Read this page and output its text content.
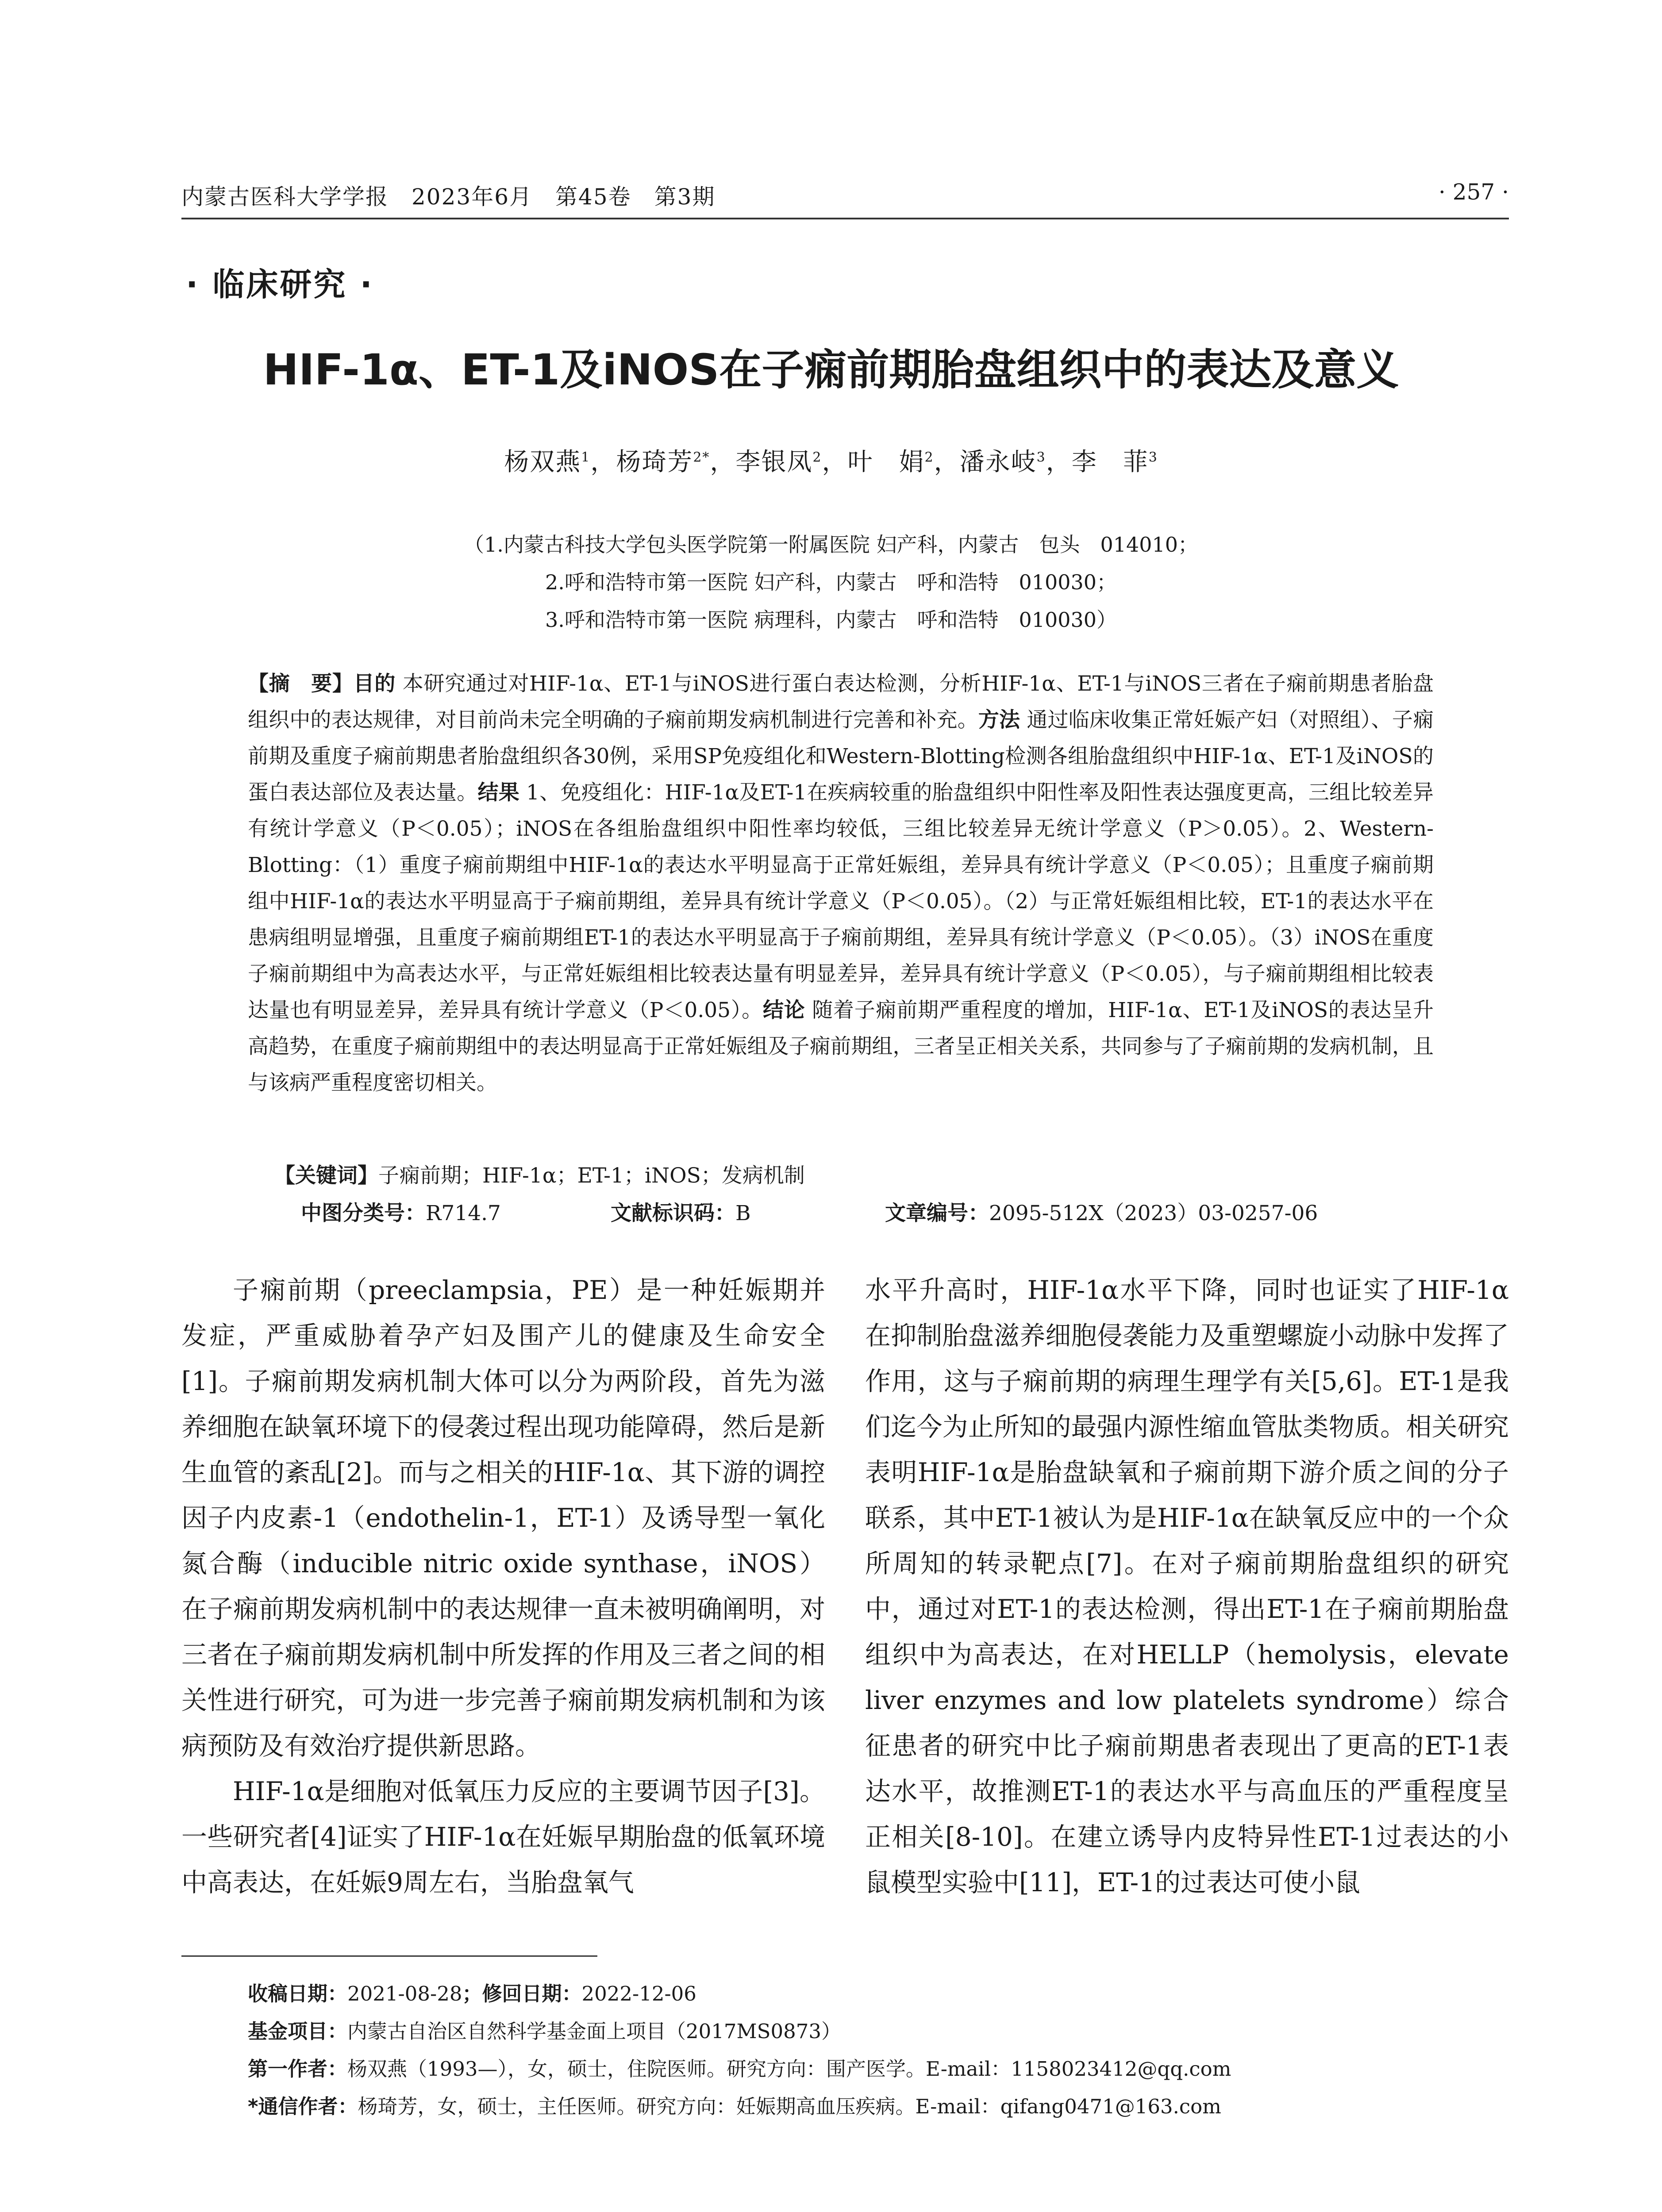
内蒙古医科大学学报　2023年6月　第45卷　第3期	· 257 ·
· 临床研究 ·
HIF-1α、ET-1及iNOS在子痫前期胎盘组织中的表达及意义
杨双燕$^1$，杨琦芳$^{2*}$，李银凤$^2$，叶　娟$^2$，潘永岐$^3$，李　菲$^3$
（1.内蒙古科技大学包头医学院第一附属医院 妇产科，内蒙古　包头　014010；
2.呼和浩特市第一医院 妇产科，内蒙古　呼和浩特　010030；
3.呼和浩特市第一医院 病理科，内蒙古　呼和浩特　010030）
【摘　要】目的 本研究通过对HIF-1α、ET-1与iNOS进行蛋白表达检测，分析HIF-1α、ET-1与iNOS三者在子痫前期患者胎盘组织中的表达规律，对目前尚未完全明确的子痫前期发病机制进行完善和补充。方法 通过临床收集正常妊娠产妇（对照组）、子痫前期及重度子痫前期患者胎盘组织各30例，采用SP免疫组化和Western-Blotting检测各组胎盘组织中HIF-1α、ET-1及iNOS的蛋白表达部位及表达量。结果 1、免疫组化：HIF-1α及ET-1在疾病较重的胎盘组织中阳性率及阳性表达强度更高，三组比较差异有统计学意义（P＜0.05）；iNOS在各组胎盘组织中阳性率均较低，三组比较差异无统计学意义（P＞0.05）。2、Western-Blotting：（1）重度子痫前期组中HIF-1α的表达水平明显高于正常妊娠组，差异具有统计学意义（P＜0.05）；且重度子痫前期组中HIF-1α的表达水平明显高于子痫前期组，差异具有统计学意义（P＜0.05）。（2）与正常妊娠组相比较，ET-1的表达水平在患病组明显增强，且重度子痫前期组ET-1的表达水平明显高于子痫前期组，差异具有统计学意义（P＜0.05）。（3）iNOS在重度子痫前期组中为高表达水平，与正常妊娠组相比较表达量有明显差异，差异具有统计学意义（P＜0.05），与子痫前期组相比较表达量也有明显差异，差异具有统计学意义（P＜0.05）。结论 随着子痫前期严重程度的增加，HIF-1α、ET-1及iNOS的表达呈升高趋势，在重度子痫前期组中的表达明显高于正常妊娠组及子痫前期组，三者呈正相关关系，共同参与了子痫前期的发病机制，且与该病严重程度密切相关。
【关键词】子痫前期；HIF-1α；ET-1；iNOS；发病机制
中图分类号：R714.7	文献标识码：B	文章编号：2095-512X（2023）03-0257-06

子痫前期（preeclampsia，PE）是一种妊娠期并发症，严重威胁着孕产妇及围产儿的健康及生命安全[1]。子痫前期发病机制大体可以分为两阶段，首先为滋养细胞在缺氧环境下的侵袭过程出现功能障碍，然后是新生血管的紊乱[2]。而与之相关的HIF-1α、其下游的调控因子内皮素-1（endothelin-1，ET-1）及诱导型一氧化氮合酶（inducible nitric oxide synthase，iNOS）在子痫前期发病机制中的表达规律一直未被明确阐明，对三者在子痫前期发病机制中所发挥的作用及三者之间的相关性进行研究，可为进一步完善子痫前期发病机制和为该病预防及有效治疗提供新思路。

HIF-1α是细胞对低氧压力反应的主要调节因子[3]。一些研究者[4]证实了HIF-1α在妊娠早期胎盘的低氧环境中高表达，在妊娠9周左右，当胎盘氧气

水平升高时，HIF-1α水平下降，同时也证实了HIF-1α在抑制胎盘滋养细胞侵袭能力及重塑螺旋小动脉中发挥了作用，这与子痫前期的病理生理学有关[5,6]。ET-1是我们迄今为止所知的最强内源性缩血管肽类物质。相关研究表明HIF-1α是胎盘缺氧和子痫前期下游介质之间的分子联系，其中ET-1被认为是HIF-1α在缺氧反应中的一个众所周知的转录靶点[7]。在对子痫前期胎盘组织的研究中，通过对ET-1的表达检测，得出ET-1在子痫前期胎盘组织中为高表达，在对HELLP（hemolysis，elevate liver enzymes and low platelets syndrome）综合征患者的研究中比子痫前期患者表现出了更高的ET-1表达水平，故推测ET-1的表达水平与高血压的严重程度呈正相关[8-10]。在建立诱导内皮特异性ET-1过表达的小鼠模型实验中[11]，ET-1的过表达可使小鼠

收稿日期：2021-08-28；修回日期：2022-12-06
基金项目：内蒙古自治区自然科学基金面上项目（2017MS0873）
第一作者：杨双燕（1993—），女，硕士，住院医师。研究方向：围产医学。E-mail：1158023412@qq.com
*通信作者：杨琦芳，女，硕士，主任医师。研究方向：妊娠期高血压疾病。E-mail：qifang0471@163.com
